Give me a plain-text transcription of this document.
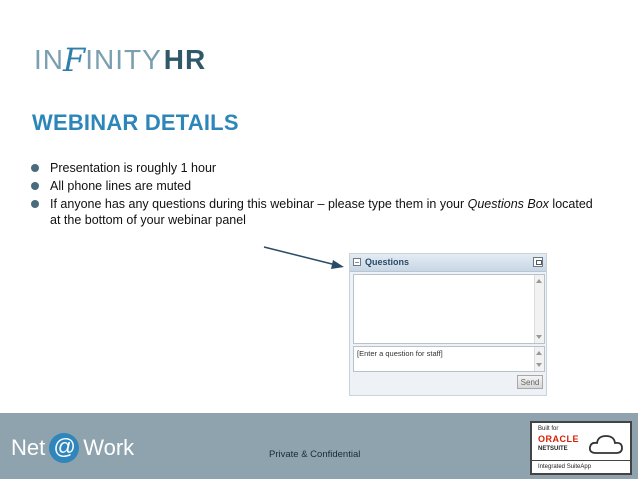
IN F INITY HR
WEBINAR DETAILS
Presentation is roughly 1 hour
All phone lines are muted
If anyone has any questions during this webinar – please type them in your Questions Box located at the bottom of your webinar panel
− Questions
[Enter a question for staff]
Send
Net @ Work	Private & Confidential
Built for
ORACLE
NETSUITE
Integrated SuiteApp
